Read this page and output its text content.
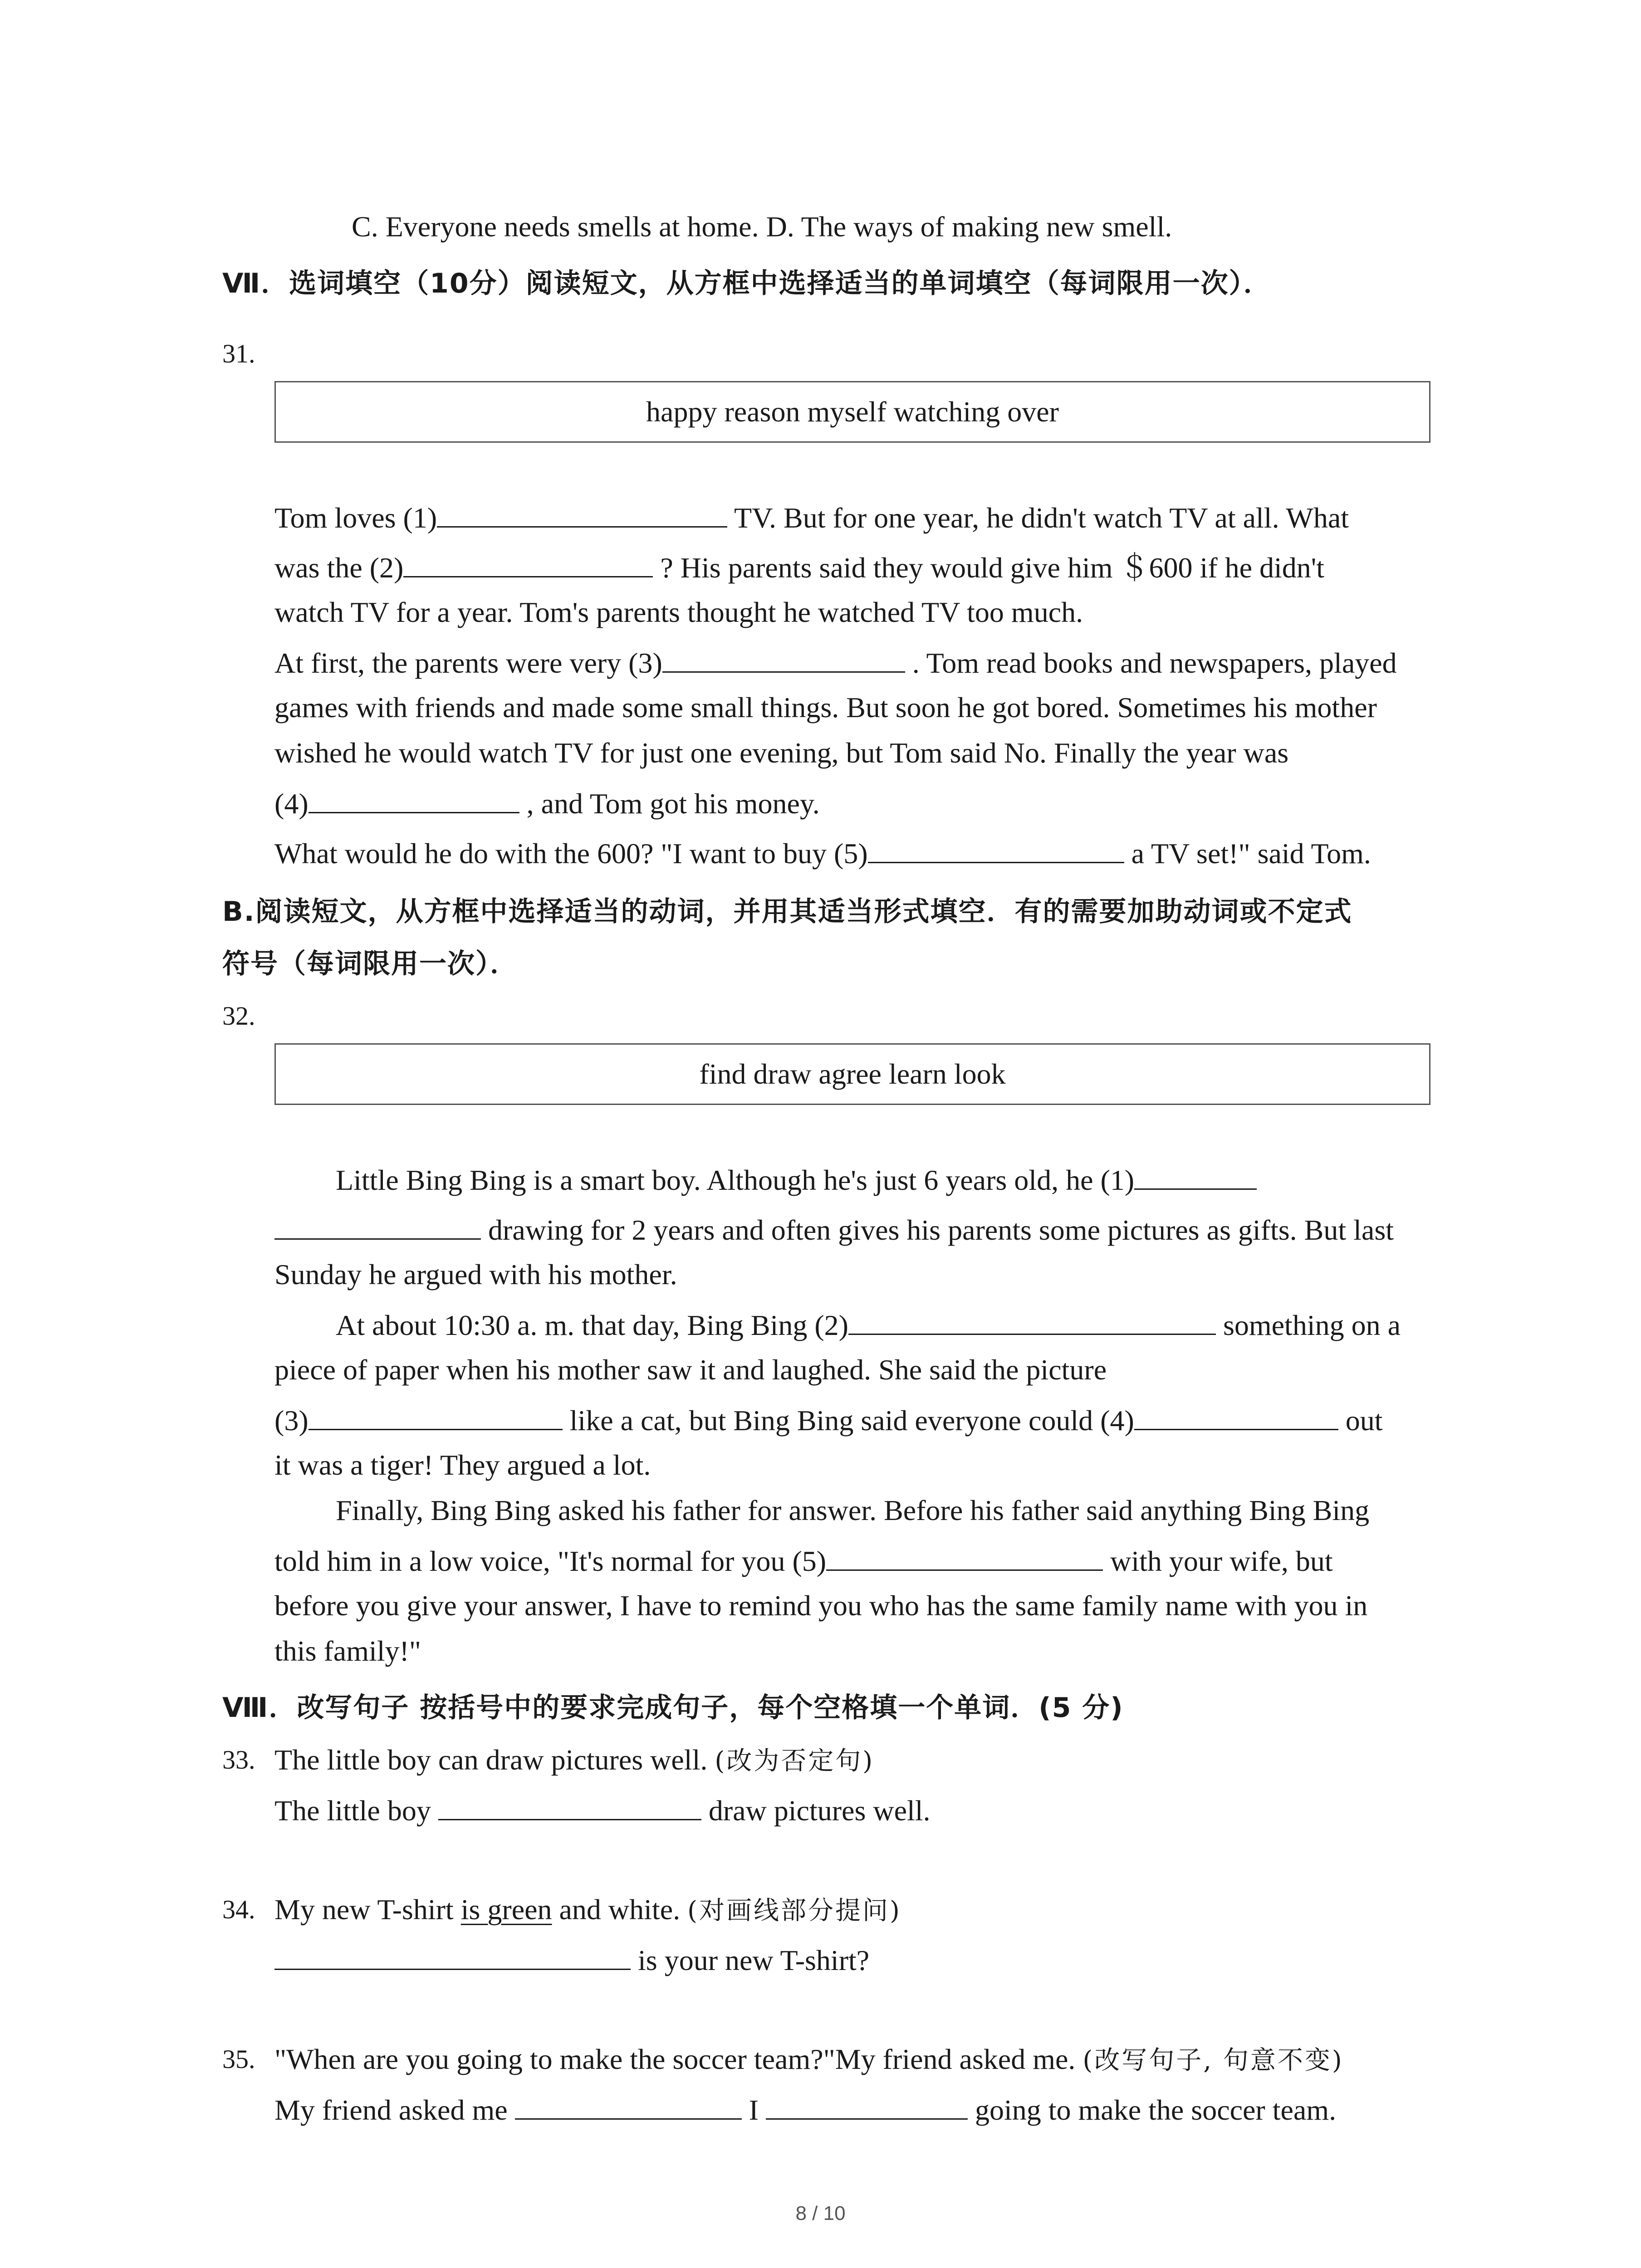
C. Everyone needs smells at home. D. The ways of making new smell.
Ⅶ．选词填空（10分）阅读短文，从方框中选择适当的单词填空（每词限用一次）．
31.
happy reason myself watching over
Tom loves (1)	TV. But for one year, he didn't watch TV at all. What
was the (2)	? His parents said they would give him ＄600 if he didn't
watch TV for a year. Tom's parents thought he watched TV too much.
At first, the parents were very (3)	. Tom read books and newspapers, played
games with friends and made some small things. But soon he got bored. Sometimes his mother
wished he would watch TV for just one evening, but Tom said No. Finally the year was
(4)	, and Tom got his money.
What would he do with the 600? "I want to buy (5)	a TV set!" said Tom.
B.阅读短文，从方框中选择适当的动词，并用其适当形式填空．有的需要加助动词或不定式
符号（每词限用一次）．
32.
find draw agree learn look
Little Bing Bing is a smart boy. Although he's just 6 years old, he (1)
drawing for 2 years and often gives his parents some pictures as gifts. But last
Sunday he argued with his mother.
At about 10:30 a. m. that day, Bing Bing (2)	something on a
piece of paper when his mother saw it and laughed. She said the picture
(3)	like a cat, but Bing Bing said everyone could (4)	out
it was a tiger! They argued a lot.
Finally, Bing Bing asked his father for answer. Before his father said anything Bing Bing
told him in a low voice, "It's normal for you (5)	with your wife, but
before you give your answer, I have to remind you who has the same family name with you in
this family!"
Ⅷ．改写句子 按括号中的要求完成句子，每个空格填一个单词．(5 分)
33. The little boy can draw pictures well. (改为否定句)
The little boy	draw pictures well.
34. My new T-shirt is green and white. (对画线部分提问)
is your new T-shirt?
35. "When are you going to make the soccer team?"My friend asked me. (改写句子, 句意不变)
My friend asked me	I	going to make the soccer team.
8 / 10
